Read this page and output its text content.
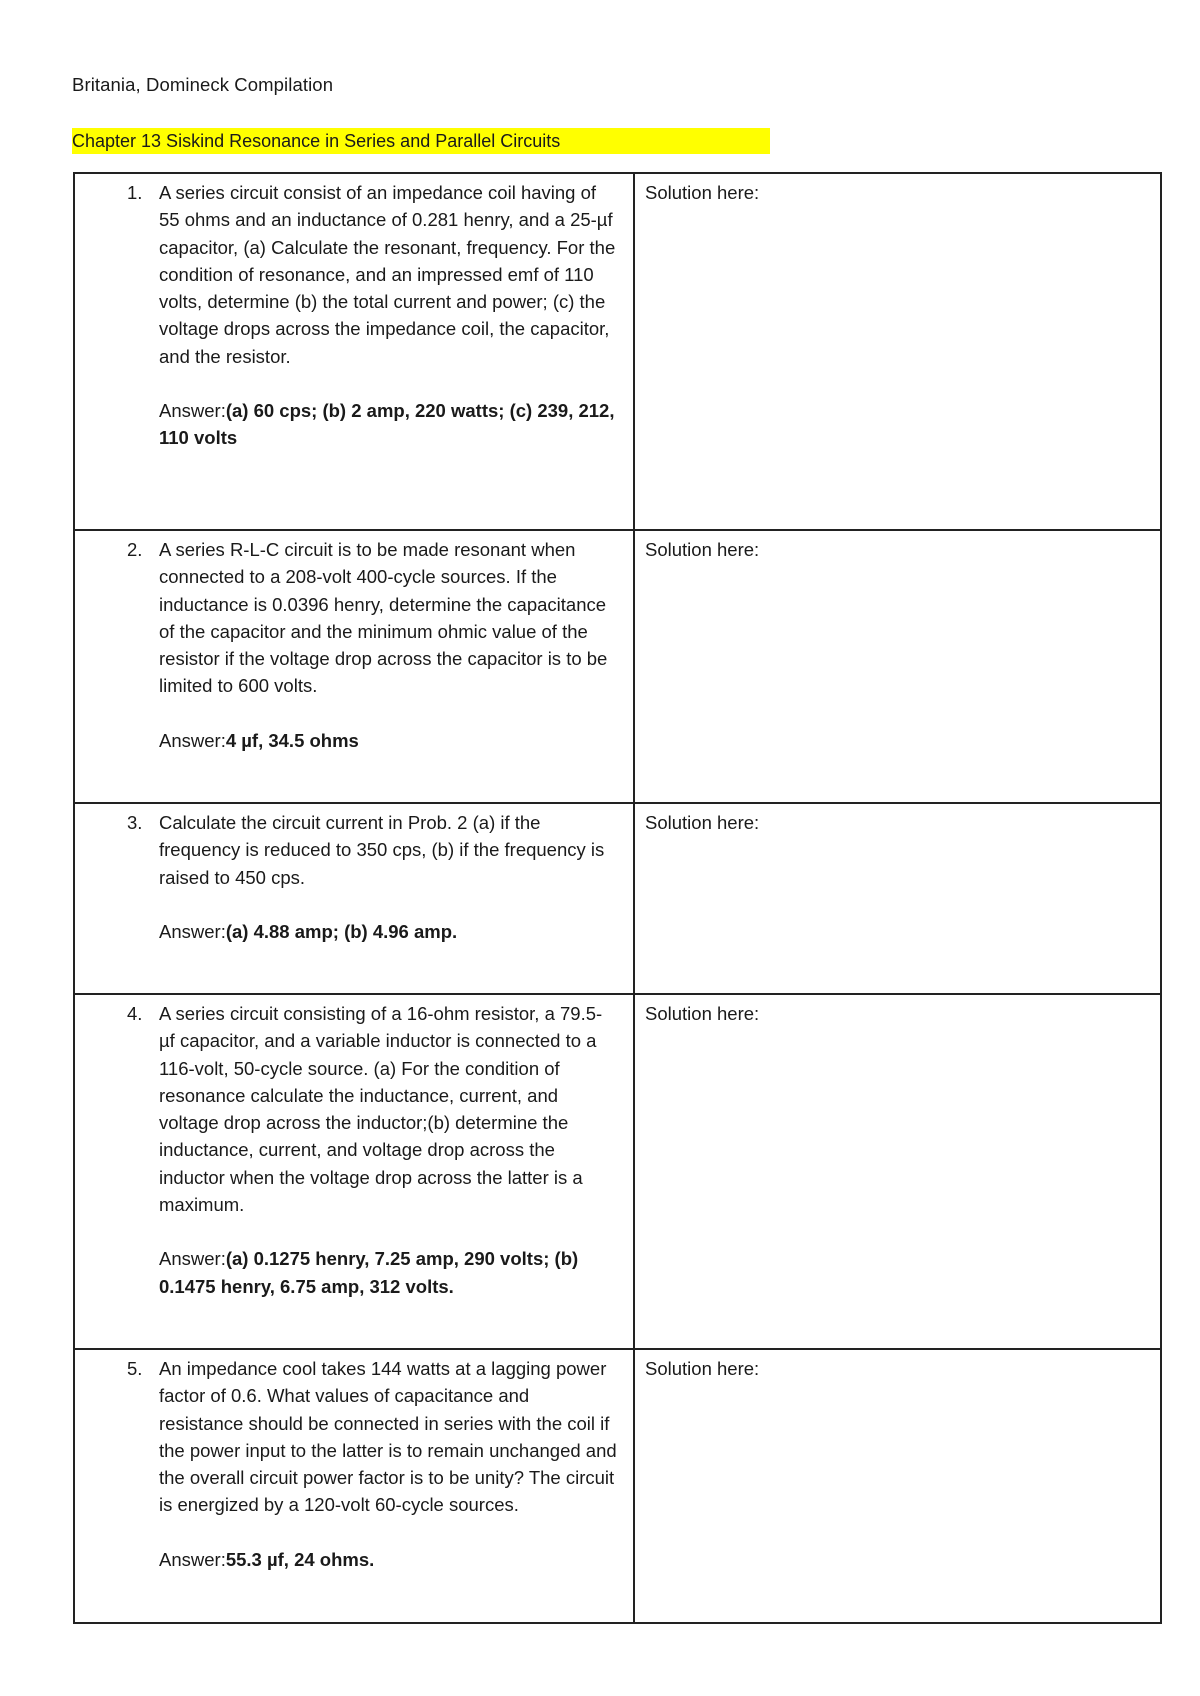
Britania, Domineck Compilation
Chapter 13 Siskind Resonance in Series and Parallel Circuits
1. A series circuit consist of an impedance coil having of 55 ohms and an inductance of 0.281 henry, and a 25-µf capacitor, (a) Calculate the resonant, frequency. For the condition of resonance, and an impressed emf of 110 volts, determine (b) the total current and power; (c) the voltage drops across the impedance coil, the capacitor, and the resistor.

Answer:(a) 60 cps; (b) 2 amp, 220 watts; (c) 239, 212, 110 volts	Solution here:

2. A series R-L-C circuit is to be made resonant when connected to a 208-volt 400-cycle sources. If the inductance is 0.0396 henry, determine the capacitance of the capacitor and the minimum ohmic value of the resistor if the voltage drop across the capacitor is to be limited to 600 volts.

Answer:4 µf, 34.5 ohms	Solution here:

3. Calculate the circuit current in Prob. 2 (a) if the frequency is reduced to 350 cps, (b) if the frequency is raised to 450 cps.

Answer:(a) 4.88 amp; (b) 4.96 amp.	Solution here:

4. A series circuit consisting of a 16-ohm resistor, a 79.5-µf capacitor, and a variable inductor is connected to a 116-volt, 50-cycle source. (a) For the condition of resonance calculate the inductance, current, and voltage drop across the inductor;(b) determine the inductance, current, and voltage drop across the inductor when the voltage drop across the latter is a maximum.

Answer:(a) 0.1275 henry, 7.25 amp, 290 volts; (b) 0.1475 henry, 6.75 amp, 312 volts.	Solution here:

5. An impedance cool takes 144 watts at a lagging power factor of 0.6. What values of capacitance and resistance should be connected in series with the coil if the power input to the latter is to remain unchanged and the overall circuit power factor is to be unity? The circuit is energized by a 120-volt 60-cycle sources.

Answer:55.3 µf, 24 ohms.	Solution here:
